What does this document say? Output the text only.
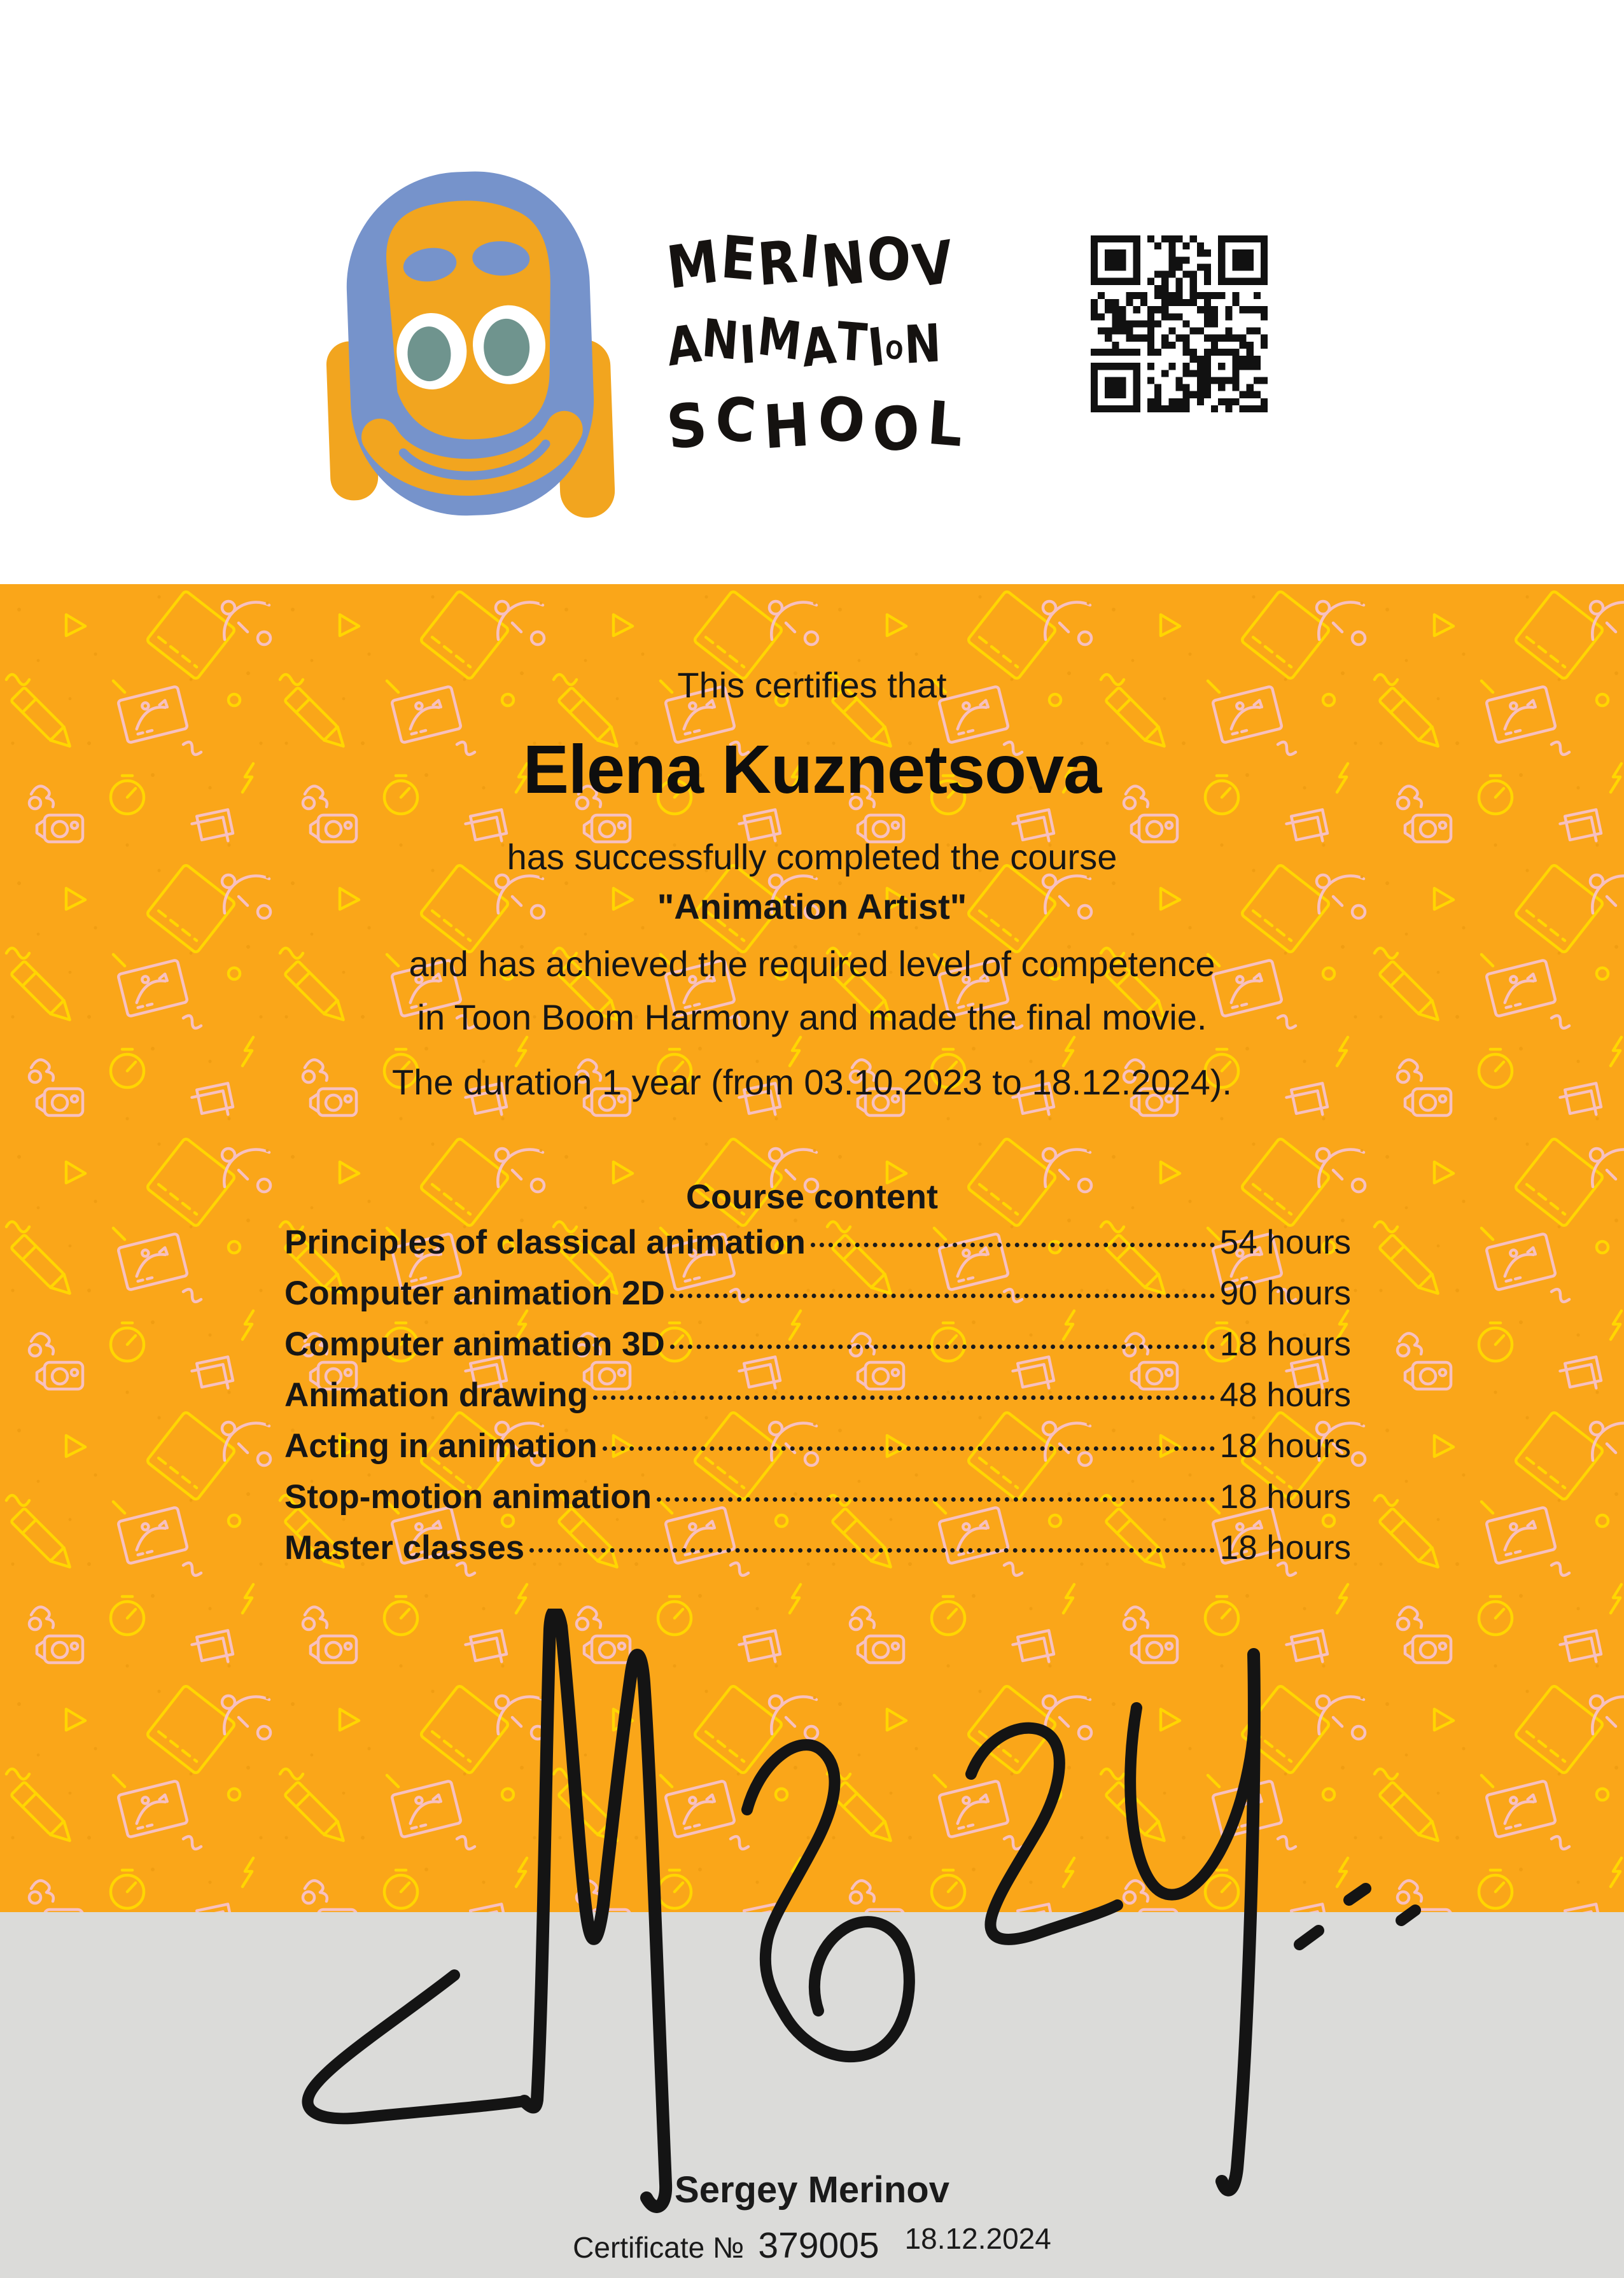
MERINOV
ANIMATION
SCHOOL
This certifies that
Elena Kuznetsova
has successfully completed the course
"Animation Artist"
and has achieved the required level of competence
in Toon Boom Harmony and made the final movie.
The duration 1 year (from 03.10.2023 to 18.12.2024).
Course content
Principles of classical animation	54 hours
Computer animation 2D	90 hours
Computer animation 3D	18 hours
Animation drawing	48 hours
Acting in animation	18 hours
Stop-motion animation	18 hours
Master classes	18 hours
Sergey Merinov
Certificate № 379005 18.12.2024
